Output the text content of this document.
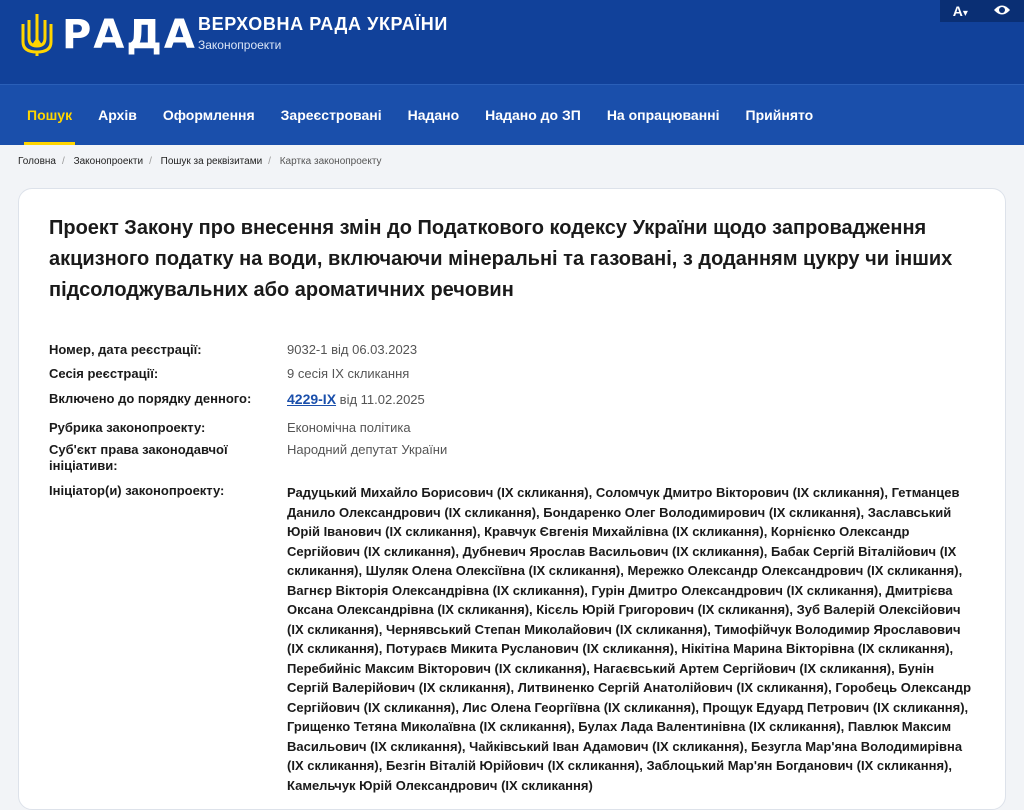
РАДА ВЕРХОВНА РАДА УКРАЇНИ
Законопроекти
A▾
Пошук	Архів	Оформлення	Зареєстровані	Надано	Надано до ЗП	На опрацюванні	Прийнято
Головна / Законопроекти / Пошук за реквізитами / Картка законопроекту
Проект Закону про внесення змін до Податкового кодексу України щодо запровадження акцизного податку на води, включаючи мінеральні та газовані, з доданням цукру чи інших підсолоджувальних або ароматичних речовин
Номер, дата реєстрації:	9032-1 від 06.03.2023
Сесія реєстрації:	9 сесія IX скликання
Включено до порядку денного:	4229-IX від 11.02.2025
Рубрика законопроекту:	Економічна політика
Суб'єкт права законодавчої ініціативи:
Народний депутат України
Ініціатор(и) законопроекту:	Радуцький Михайло Борисович (IX скликання), Соломчук Дмитро Вікторович (IX скликання), Гетманцев Данило Олександрович (IX скликання), Бондаренко Олег Володимирович (IX скликання), Заславський Юрій Іванович (IX скликання), Кравчук Євгенія Михайлівна (IX скликання), Корнієнко Олександр Сергійович (IX скликання), Дубневич Ярослав Васильович (IX скликання), Бабак Сергій Віталійович (IX скликання), Шуляк Олена Олексіївна (IX скликання), Мережко Олександр Олександрович (IX скликання), Вагнєр Вікторія Олександрівна (IX скликання), Гурін Дмитро Олександрович (IX скликання), Дмитрієва Оксана Олександрівна (IX скликання), Кісєль Юрій Григорович (IX скликання), Зуб Валерій Олексійович (IX скликання), Чернявський Степан Миколайович (IX скликання), Тимофійчук Володимир Ярославович (IX скликання), Потураєв Микита Русланович (IX скликання), Нікітіна Марина Вікторівна (IX скликання), Перебийніс Максим Вікторович (IX скликання), Нагаєвський Артем Сергійович (IX скликання), Бунін Сергій Валерійович (IX скликання), Литвиненко Сергій Анатолійович (IX скликання), Горобець Олександр Сергійович (IX скликання), Лис Олена Георгіївна (IX скликання), Прощук Едуард Петрович (IX скликання), Грищенко Тетяна Миколаївна (IX скликання), Булах Лада Валентинівна (IX скликання), Павлюк Максим Васильович (IX скликання), Чайківський Іван Адамович (IX скликання), Безугла Мар'яна Володимирівна (IX скликання), Безгін Віталій Юрійович (IX скликання), Заблоцький Мар'ян Богданович (IX скликання), Камельчук Юрій Олександрович (IX скликання)
